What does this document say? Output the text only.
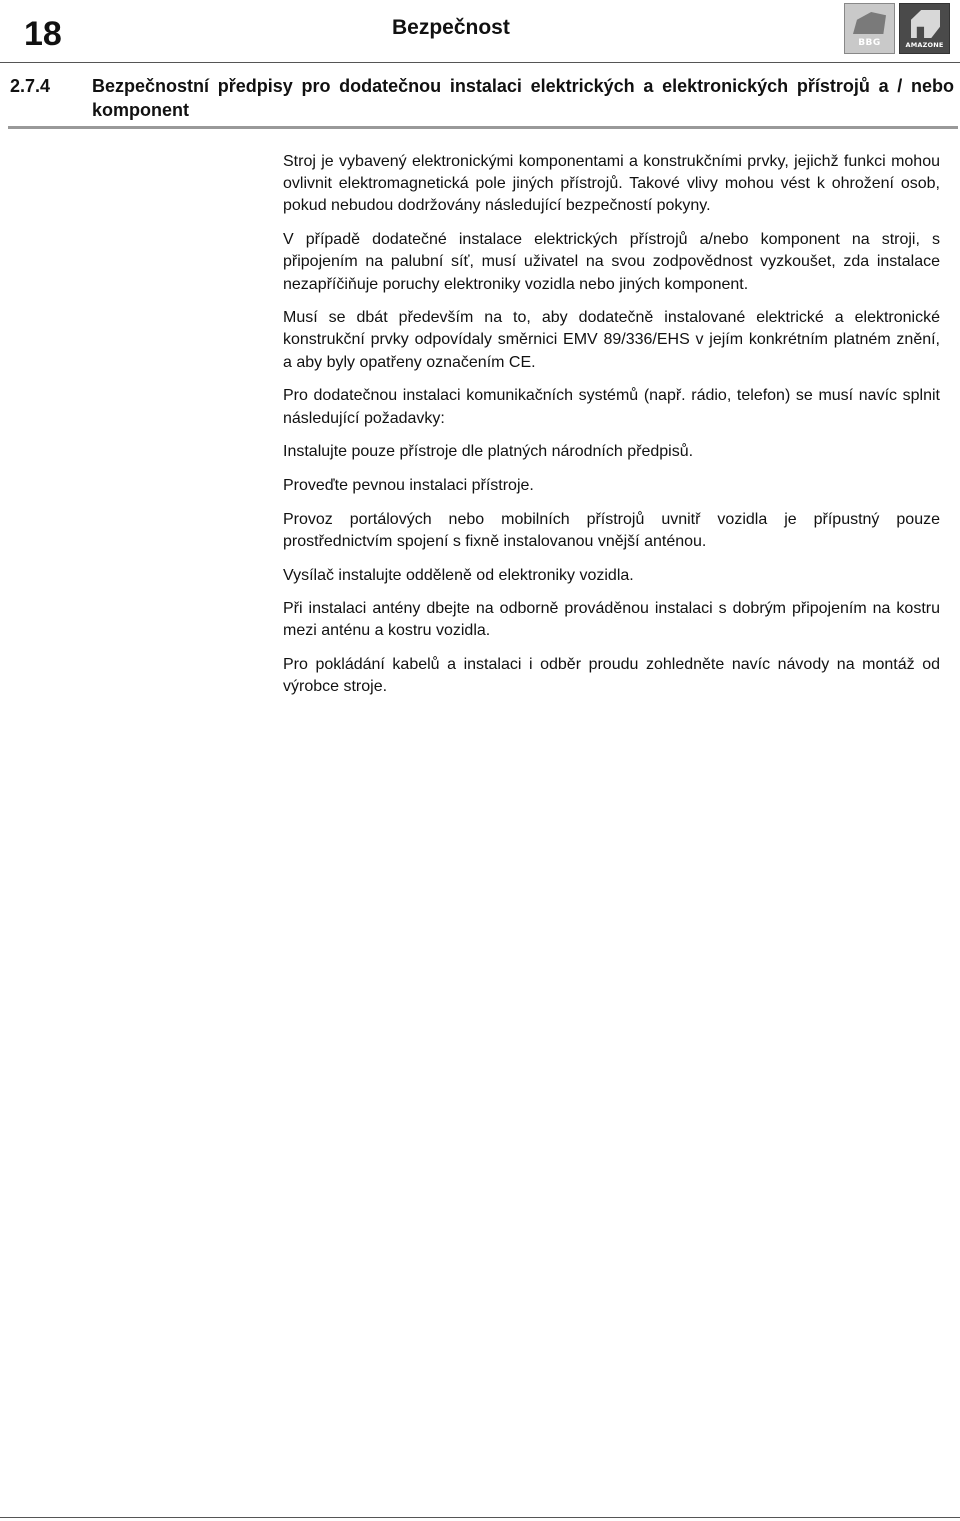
18	Bezpečnost
BBG	AMAZONE
2.7.4 Bezpečnostní předpisy pro dodatečnou instalaci elektrických a elektronických přístrojů a / nebo komponent

Stroj je vybavený elektronickými komponentami a konstrukčními prvky, jejichž funkci mohou ovlivnit elektromagnetická pole jiných přístrojů. Takové vlivy mohou vést k ohrožení osob, pokud nebudou dodržovány následující bezpečností pokyny.

V případě dodatečné instalace elektrických přístrojů a/nebo komponent na stroji, s připojením na palubní síť, musí uživatel na svou zodpovědnost vyzkoušet, zda instalace nezapříčiňuje poruchy elektroniky vozidla nebo jiných komponent.

Musí se dbát především na to, aby dodatečně instalované elektrické a elektronické konstrukční prvky odpovídaly směrnici EMV 89/336/EHS v jejím konkrétním platném znění, a aby byly opatřeny označením CE.

Pro dodatečnou instalaci komunikačních systémů (např. rádio, telefon) se musí navíc splnit následující požadavky:

Instalujte pouze přístroje dle platných národních předpisů.

Proveďte pevnou instalaci přístroje.

Provoz portálových nebo mobilních přístrojů uvnitř vozidla je přípustný pouze prostřednictvím spojení s fixně instalovanou vnější anténou.

Vysílač instalujte odděleně od elektroniky vozidla.

Při instalaci antény dbejte na odborně prováděnou instalaci s dobrým připojením na kostru mezi anténu a kostru vozidla.

Pro pokládání kabelů a instalaci i odběr proudu zohledněte navíc návody na montáž od výrobce stroje.
